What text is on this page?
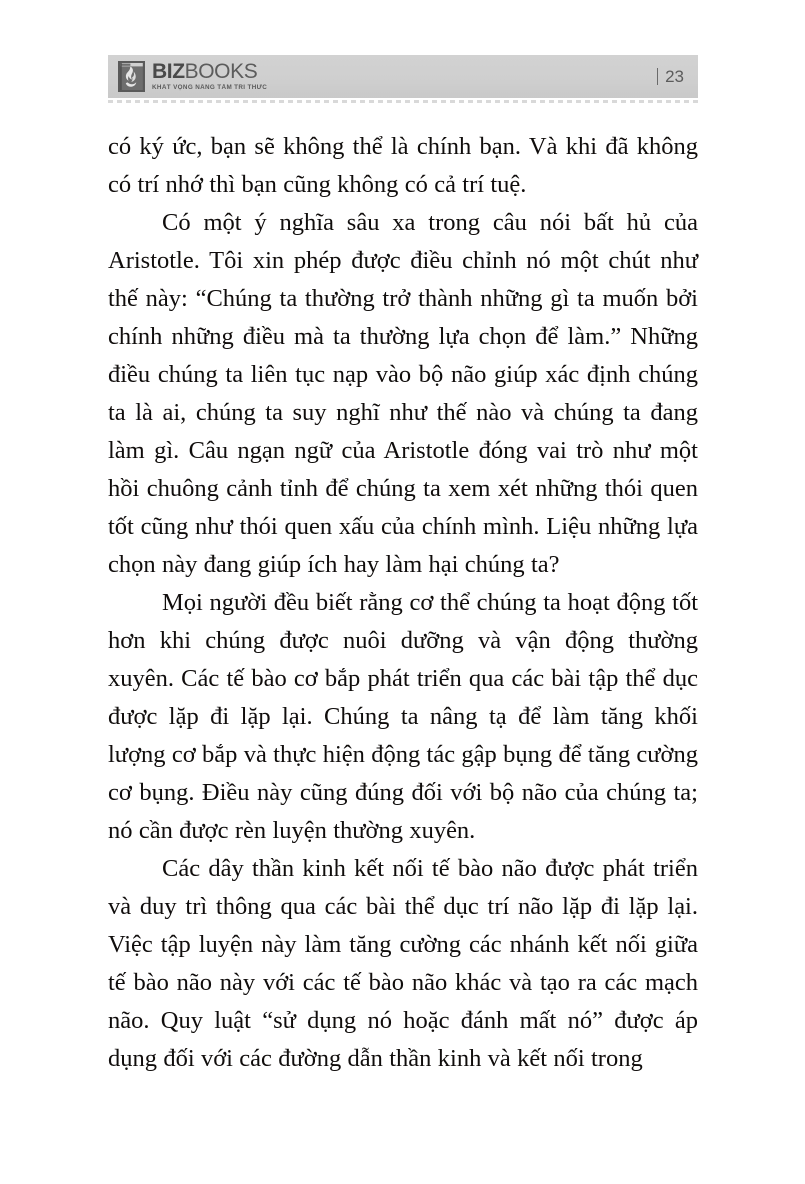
BIZBOOKS
KHÁT VỌNG NÂNG TẦM TRI THỨC
23

có ký ức, bạn sẽ không thể là chính bạn. Và khi đã không có trí nhớ thì bạn cũng không có cả trí tuệ.

Có một ý nghĩa sâu xa trong câu nói bất hủ của Aristotle. Tôi xin phép được điều chỉnh nó một chút như thế này: “Chúng ta thường trở thành những gì ta muốn bởi chính những điều mà ta thường lựa chọn để làm.” Những điều chúng ta liên tục nạp vào bộ não giúp xác định chúng ta là ai, chúng ta suy nghĩ như thế nào và chúng ta đang làm gì. Câu ngạn ngữ của Aristotle đóng vai trò như một hồi chuông cảnh tỉnh để chúng ta xem xét những thói quen tốt cũng như thói quen xấu của chính mình. Liệu những lựa chọn này đang giúp ích hay làm hại chúng ta?

Mọi người đều biết rằng cơ thể chúng ta hoạt động tốt hơn khi chúng được nuôi dưỡng và vận động thường xuyên. Các tế bào cơ bắp phát triển qua các bài tập thể dục được lặp đi lặp lại. Chúng ta nâng tạ để làm tăng khối lượng cơ bắp và thực hiện động tác gập bụng để tăng cường cơ bụng. Điều này cũng đúng đối với bộ não của chúng ta; nó cần được rèn luyện thường xuyên.

Các dây thần kinh kết nối tế bào não được phát triển và duy trì thông qua các bài thể dục trí não lặp đi lặp lại. Việc tập luyện này làm tăng cường các nhánh kết nối giữa tế bào não này với các tế bào não khác và tạo ra các mạch não. Quy luật “sử dụng nó hoặc đánh mất nó” được áp dụng đối với các đường dẫn thần kinh và kết nối trong
